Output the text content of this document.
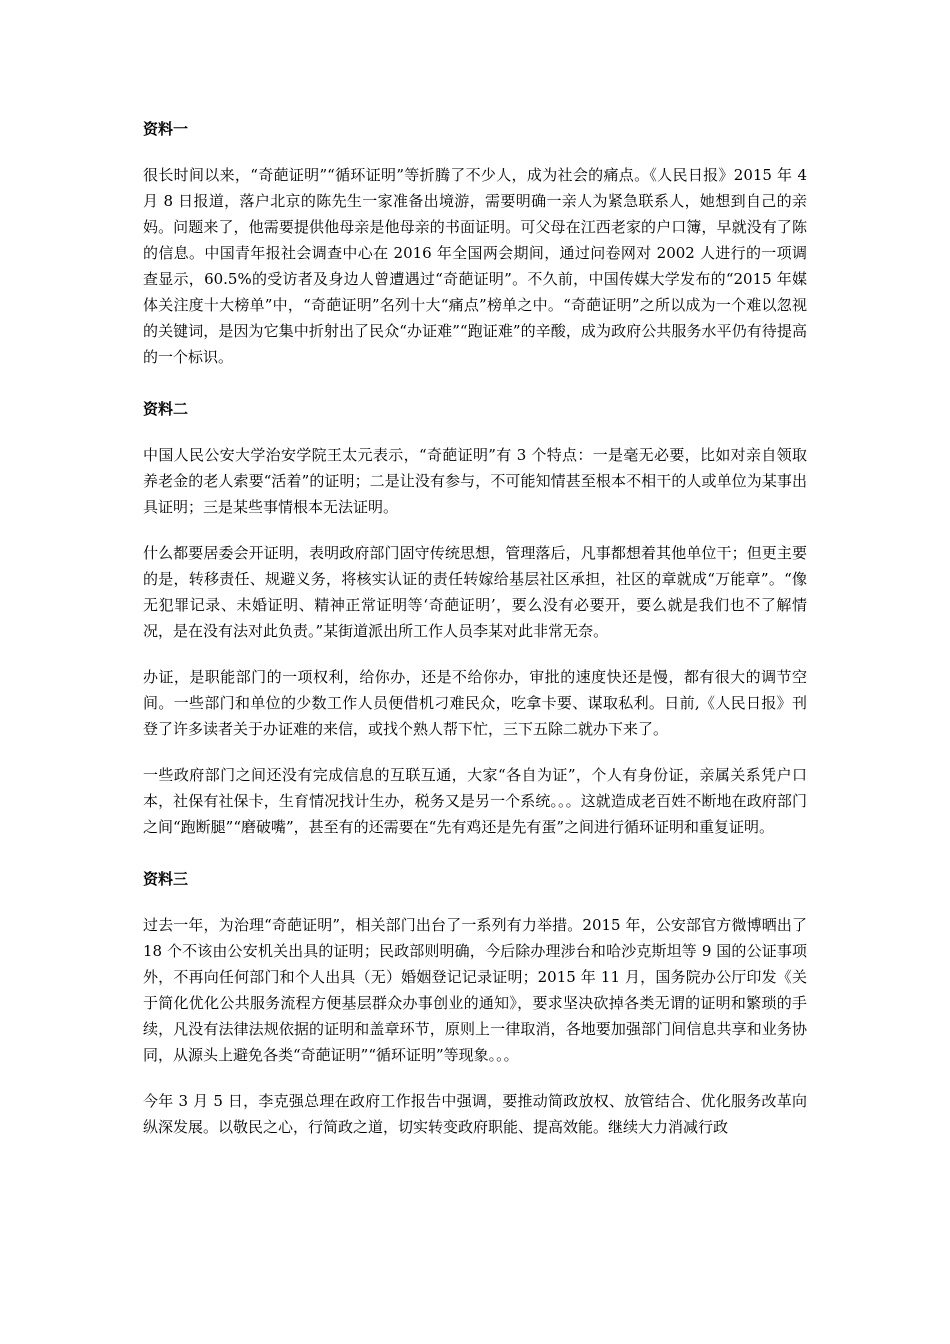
资料一

很长时间以来，“奇葩证明”“循环证明”等折腾了不少人，成为社会的痛点。《人民日报》2015 年 4 月 8 日报道，落户北京的陈先生一家准备出境游，需要明确一亲人为紧急联系人，她想到自己的亲妈。问题来了，他需要提供他母亲是他母亲的书面证明。可父母在江西老家的户口簿，早就没有了陈的信息。中国青年报社会调查中心在 2016 年全国两会期间，通过问卷网对 2002 人进行的一项调查显示，60.5%的受访者及身边人曾遭遇过“奇葩证明”。不久前，中国传媒大学发布的“2015 年媒体关注度十大榜单”中，“奇葩证明”名列十大“痛点”榜单之中。“奇葩证明”之所以成为一个难以忽视的关键词，是因为它集中折射出了民众“办证难”“跑证难”的辛酸，成为政府公共服务水平仍有待提高的一个标识。

资料二

中国人民公安大学治安学院王太元表示，“奇葩证明”有 3 个特点：一是毫无必要，比如对亲自领取养老金的老人索要“活着”的证明；二是让没有参与，不可能知情甚至根本不相干的人或单位为某事出具证明；三是某些事情根本无法证明。

什么都要居委会开证明，表明政府部门固守传统思想，管理落后，凡事都想着其他单位干；但更主要的是，转移责任、规避义务，将核实认证的责任转嫁给基层社区承担，社区的章就成“万能章”。“像无犯罪记录、未婚证明、精神正常证明等‘奇葩证明’，要么没有必要开，要么就是我们也不了解情况，是在没有法对此负责。”某街道派出所工作人员李某对此非常无奈。

办证，是职能部门的一项权利，给你办，还是不给你办，审批的速度快还是慢，都有很大的调节空间。一些部门和单位的少数工作人员便借机刁难民众，吃拿卡要、谋取私利。日前,《人民日报》刊登了许多读者关于办证难的来信，或找个熟人帮下忙，三下五除二就办下来了。

一些政府部门之间还没有完成信息的互联互通，大家“各自为证”，个人有身份证，亲属关系凭户口本，社保有社保卡，生育情况找计生办，税务又是另一个系统。。。这就造成老百姓不断地在政府部门之间“跑断腿”“磨破嘴”，甚至有的还需要在“先有鸡还是先有蛋”之间进行循环证明和重复证明。

资料三

过去一年，为治理“奇葩证明”，相关部门出台了一系列有力举措。2015 年，公安部官方微博晒出了 18 个不该由公安机关出具的证明；民政部则明确，今后除办理涉台和哈沙克斯坦等 9 国的公证事项外，不再向任何部门和个人出具（无）婚姻登记记录证明；2015 年 11 月，国务院办公厅印发《关于简化优化公共服务流程方便基层群众办事创业的通知》，要求坚决砍掉各类无谓的证明和繁琐的手续，凡没有法律法规依据的证明和盖章环节，原则上一律取消，各地要加强部门间信息共享和业务协同，从源头上避免各类“奇葩证明”“循环证明”等现象。。。

今年 3 月 5 日，李克强总理在政府工作报告中强调，要推动简政放权、放管结合、优化服务改革向纵深发展。以敬民之心，行简政之道，切实转变政府职能、提高效能。继续大力消减行政
